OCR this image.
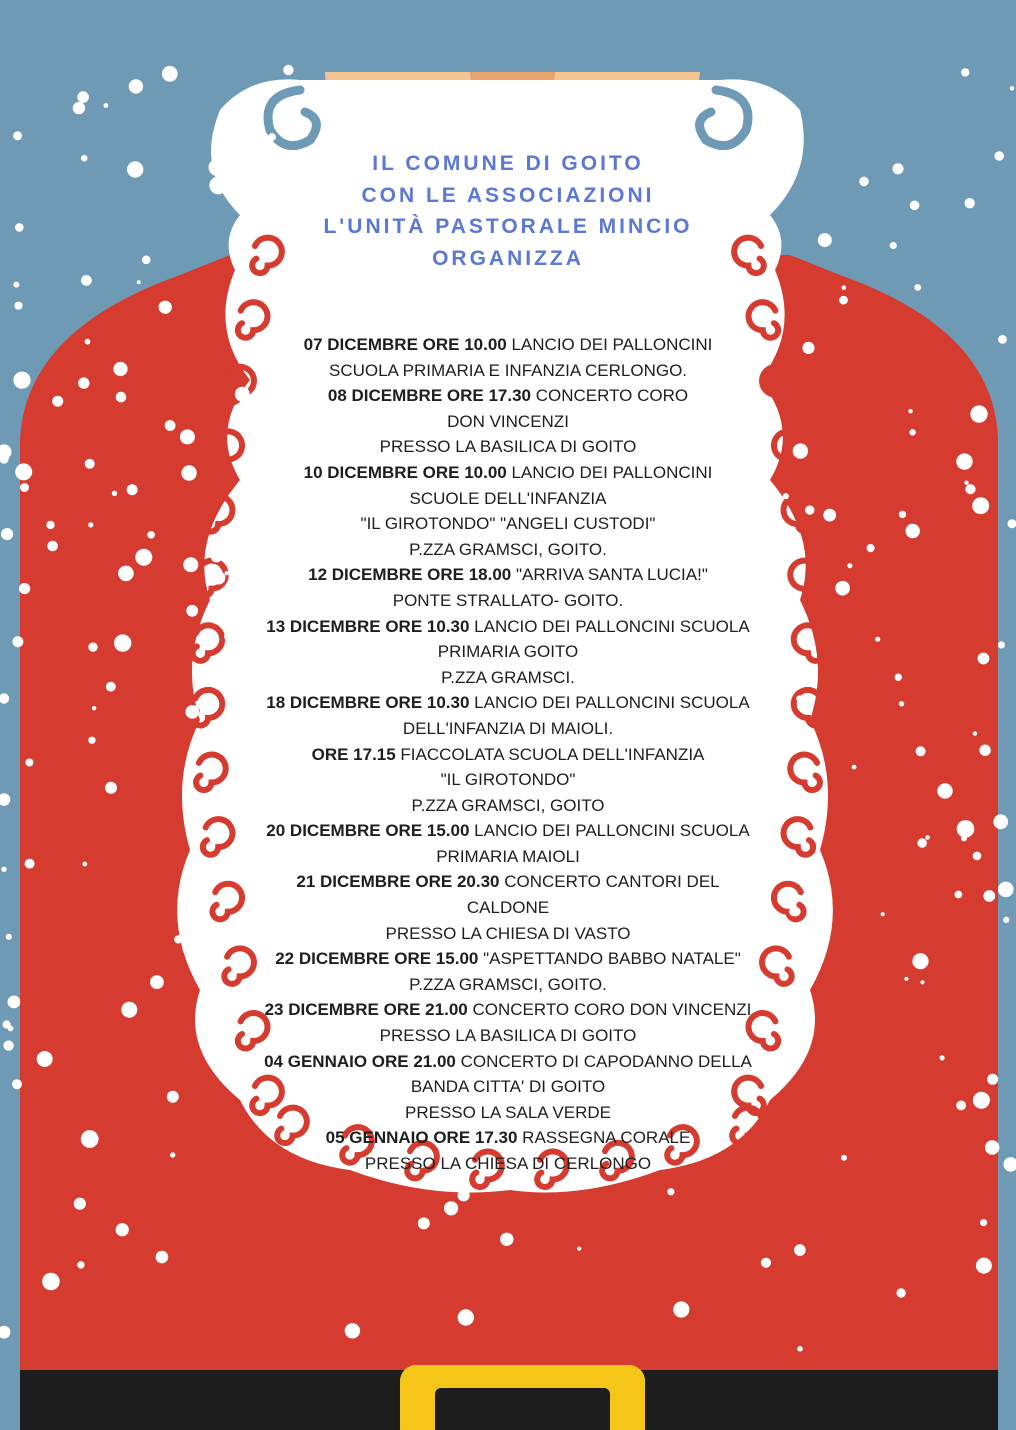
IL COMUNE DI GOITO
CON LE ASSOCIAZIONI
L'UNITÀ PASTORALE MINCIO
ORGANIZZA
07 DICEMBRE ORE 10.00 LANCIO DEI PALLONCINI
SCUOLA PRIMARIA E INFANZIA CERLONGO.
08 DICEMBRE ORE 17.30 CONCERTO CORO
DON VINCENZI
PRESSO LA BASILICA DI GOITO
10 DICEMBRE ORE 10.00 LANCIO DEI PALLONCINI
SCUOLE DELL'INFANZIA
"IL GIROTONDO" "ANGELI CUSTODI"
P.ZZA GRAMSCI, GOITO.
12 DICEMBRE ORE 18.00 "ARRIVA SANTA LUCIA!"
PONTE STRALLATO- GOITO.
13 DICEMBRE ORE 10.30 LANCIO DEI PALLONCINI SCUOLA
PRIMARIA GOITO
P.ZZA GRAMSCI.
18 DICEMBRE ORE 10.30 LANCIO DEI PALLONCINI SCUOLA
DELL'INFANZIA DI MAIOLI.
ORE 17.15 FIACCOLATA SCUOLA DELL'INFANZIA
"IL GIROTONDO"
P.ZZA GRAMSCI, GOITO
20 DICEMBRE ORE 15.00 LANCIO DEI PALLONCINI SCUOLA
PRIMARIA MAIOLI
21 DICEMBRE ORE 20.30 CONCERTO CANTORI DEL
CALDONE
PRESSO LA CHIESA DI VASTO
22 DICEMBRE ORE 15.00 "ASPETTANDO BABBO NATALE"
P.ZZA GRAMSCI, GOITO.
23 DICEMBRE ORE 21.00 CONCERTO CORO DON VINCENZI
PRESSO LA BASILICA DI GOITO
04 GENNAIO ORE 21.00 CONCERTO DI CAPODANNO DELLA
BANDA CITTA' DI GOITO
PRESSO LA SALA VERDE
05 GENNAIO ORE 17.30 RASSEGNA CORALE
PRESSO LA CHIESA DI CERLONGO
